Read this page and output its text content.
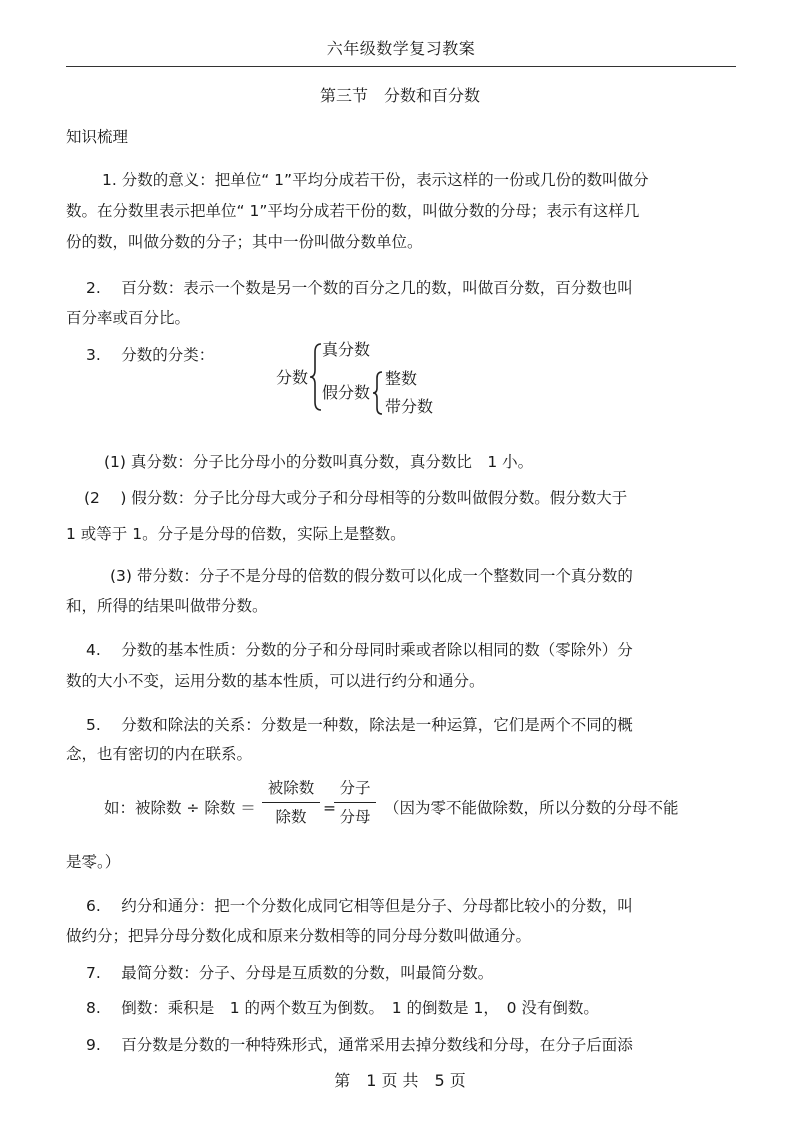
六年级数学复习教案
第三节　分数和百分数
知识梳理
1. 分数的意义：把单位“ 1”平均分成若干份，表示这样的一份或几份的数叫做分
数。在分数里表示把单位“ 1”平均分成若干份的数，叫做分数的分母；表示有这样几
份的数，叫做分数的分子；其中一份叫做分数单位。
2.　 百分数：表示一个数是另一个数的百分之几的数，叫做百分数，百分数也叫
百分率或百分比。
3.　 分数的分类：
分数
真分数
假分数
整数
带分数
(1) 真分数：分子比分母小的分数叫真分数，真分数比　1 小。
(2　 ) 假分数：分子比分母大或分子和分母相等的分数叫做假分数。假分数大于
1 或等于 1。分子是分母的倍数，实际上是整数。
(3) 带分数：分子不是分母的倍数的假分数可以化成一个整数同一个真分数的
和，所得的结果叫做带分数。
4.　 分数的基本性质：分数的分子和分母同时乘或者除以相同的数（零除外）分
数的大小不变，运用分数的基本性质，可以进行约分和通分。
5.　 分数和除法的关系：分数是一种数，除法是一种运算，它们是两个不同的概
念，也有密切的内在联系。
如：被除数 ÷ 除数 ＝
被除数
除数	=
分子
分母 （因为零不能做除数，所以分数的分母不能
是零。）
6.　 约分和通分：把一个分数化成同它相等但是分子、分母都比较小的分数，叫
做约分；把异分母分数化成和原来分数相等的同分母分数叫做通分。
7.　 最简分数：分子、分母是互质数的分数，叫最简分数。
8.　 倒数：乘积是　1 的两个数互为倒数。　1 的倒数是 1，　0 没有倒数。
9.　 百分数是分数的一种特殊形式，通常采用去掉分数线和分母，在分子后面添
第　1 页 共　5 页
